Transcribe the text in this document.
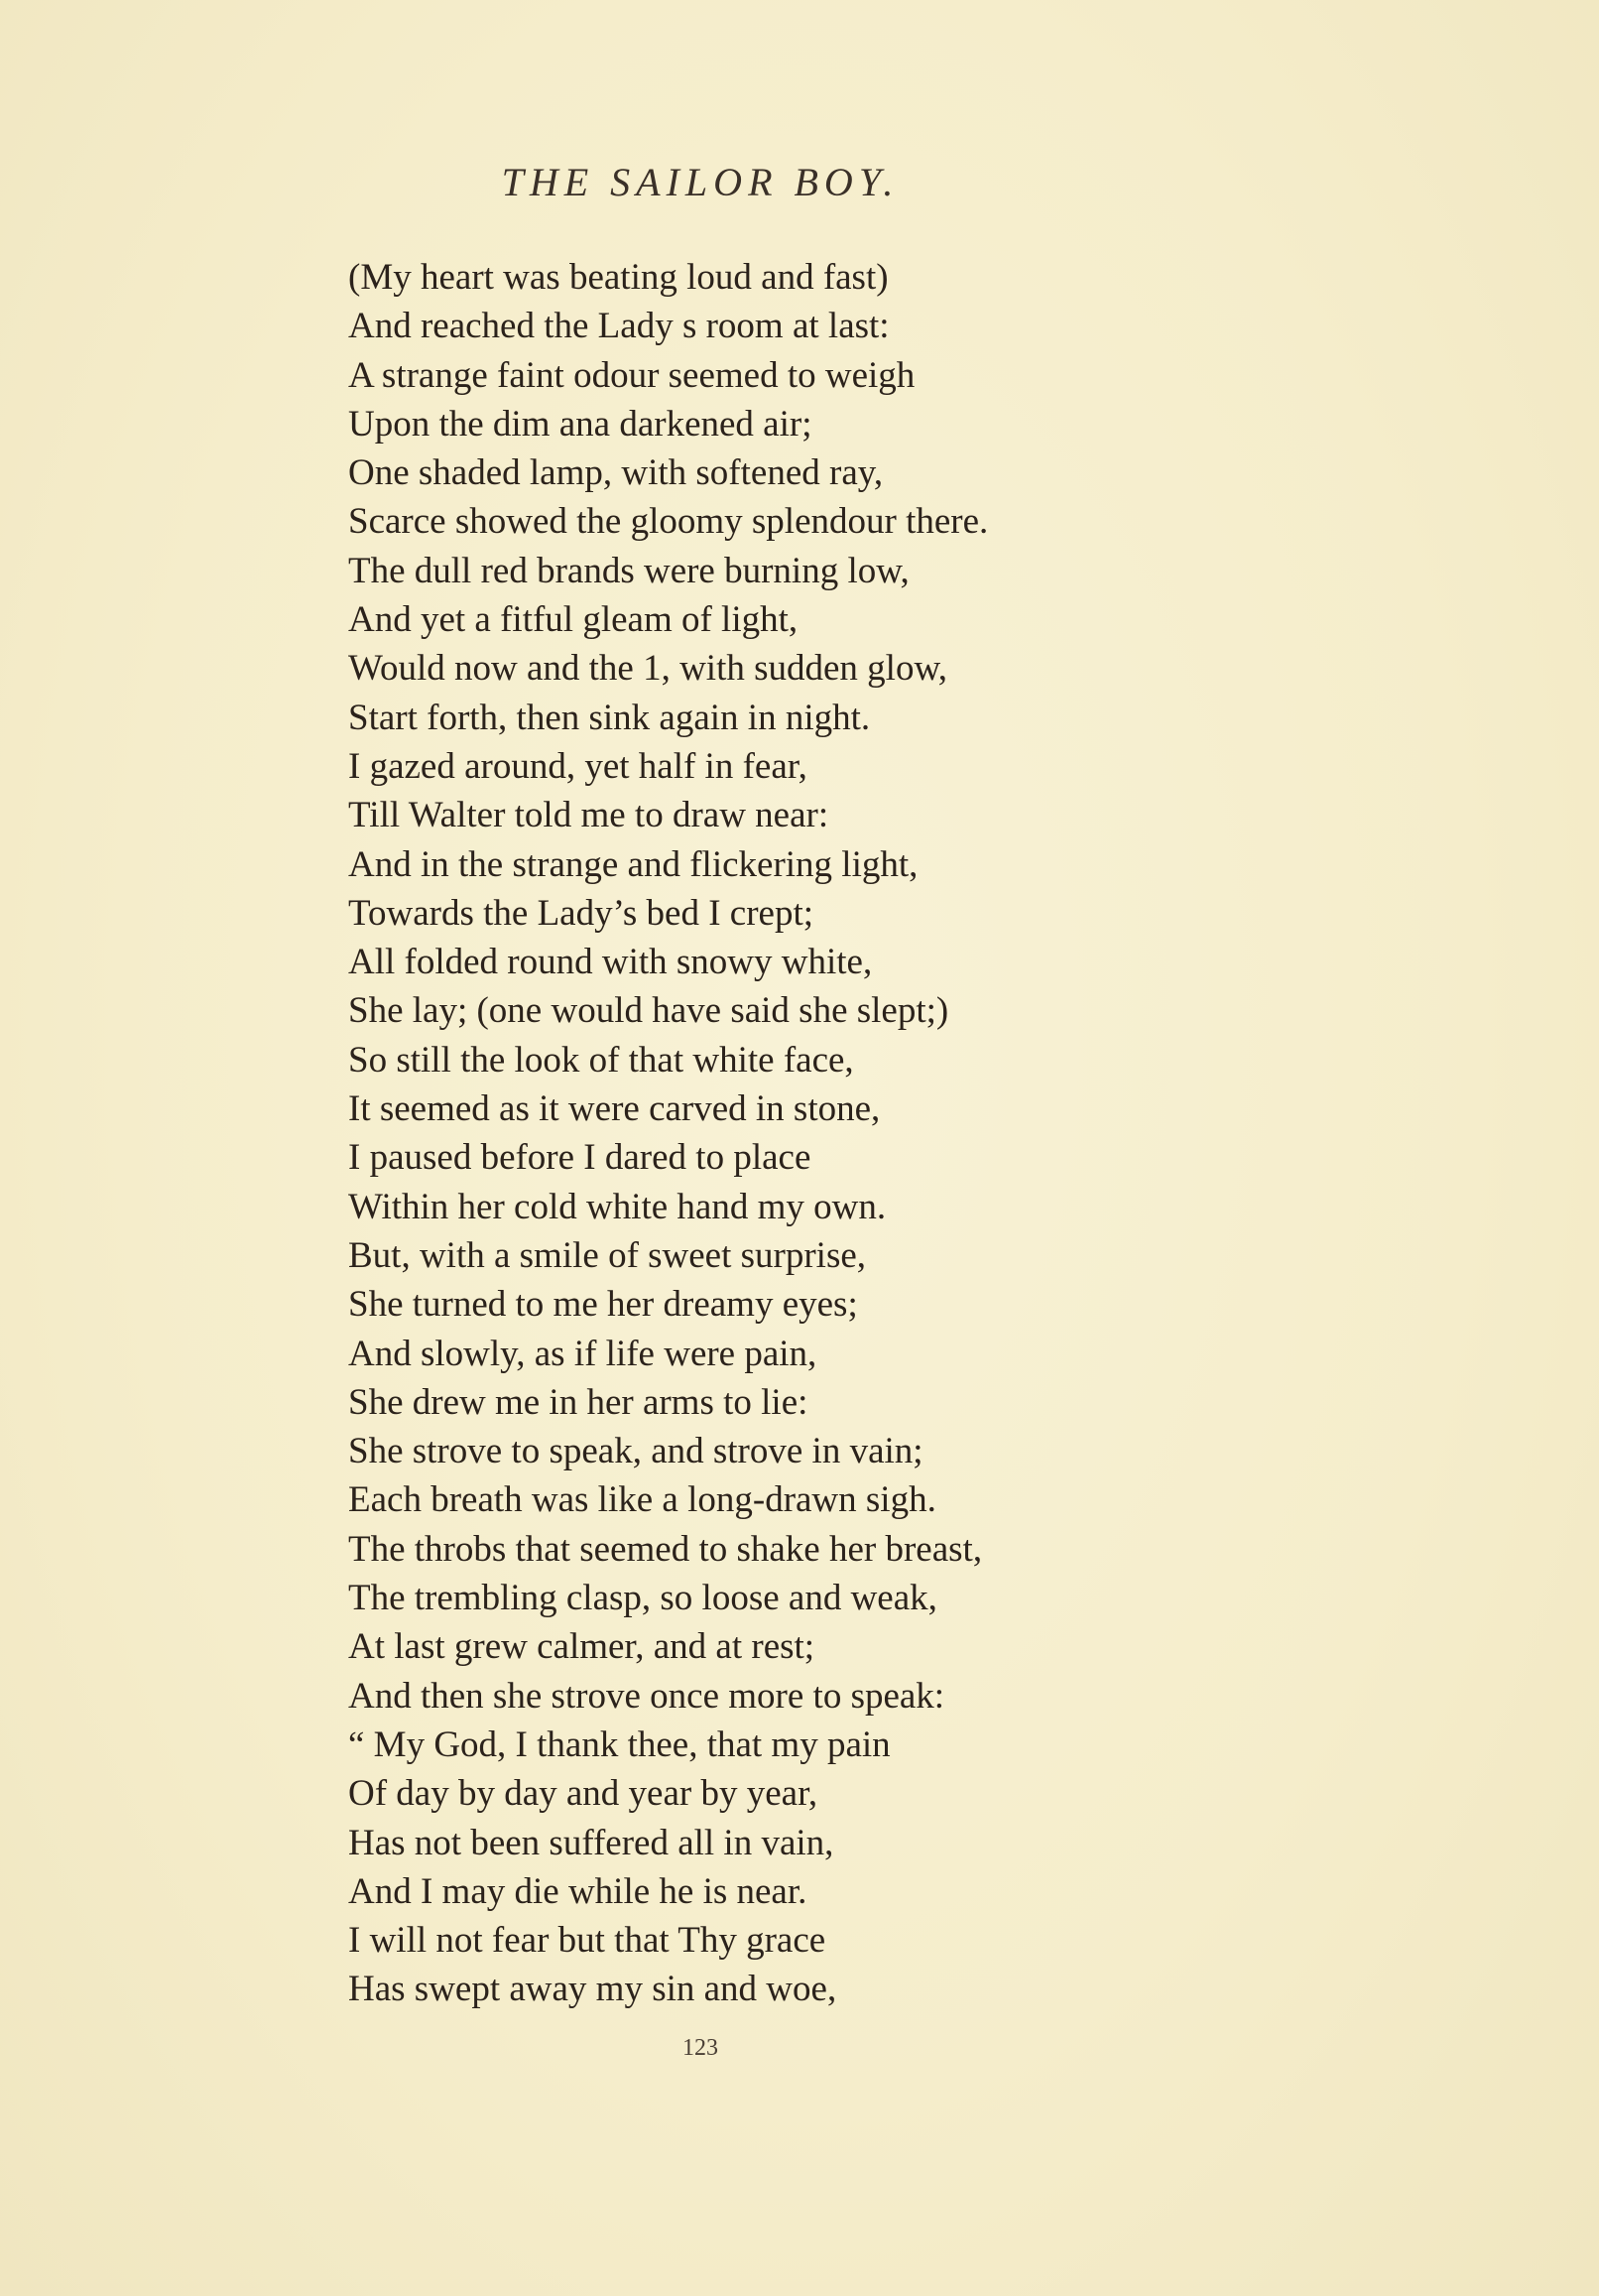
THE SAILOR BOY.
(My heart was beating loud and fast)
And reached the Lady s room at last:
A strange faint odour seemed to weigh
Upon the dim ana darkened air;
One shaded lamp, with softened ray,
Scarce showed the gloomy splendour there.
The dull red brands were burning low,
And yet a fitful gleam of light,
Would now and the 1, with sudden glow,
Start forth, then sink again in night.
I gazed around, yet half in fear,
Till Walter told me to draw near:
And in the strange and flickering light,
Towards the Lady’s bed I crept;
All folded round with snowy white,
She lay; (one would have said she slept;)
So still the look of that white face,
It seemed as it were carved in stone,
I paused before I dared to place
Within her cold white hand my own.
But, with a smile of sweet surprise,
She turned to me her dreamy eyes;
And slowly, as if life were pain,
She drew me in her arms to lie:
She strove to speak, and strove in vain;
Each breath was like a long-drawn sigh.
The throbs that seemed to shake her breast,
The trembling clasp, so loose and weak,
At last grew calmer, and at rest;
And then she strove once more to speak:
“ My God, I thank thee, that my pain
Of day by day and year by year,
Has not been suffered all in vain,
And I may die while he is near.
I will not fear but that Thy grace
Has swept away my sin and woe,
123
